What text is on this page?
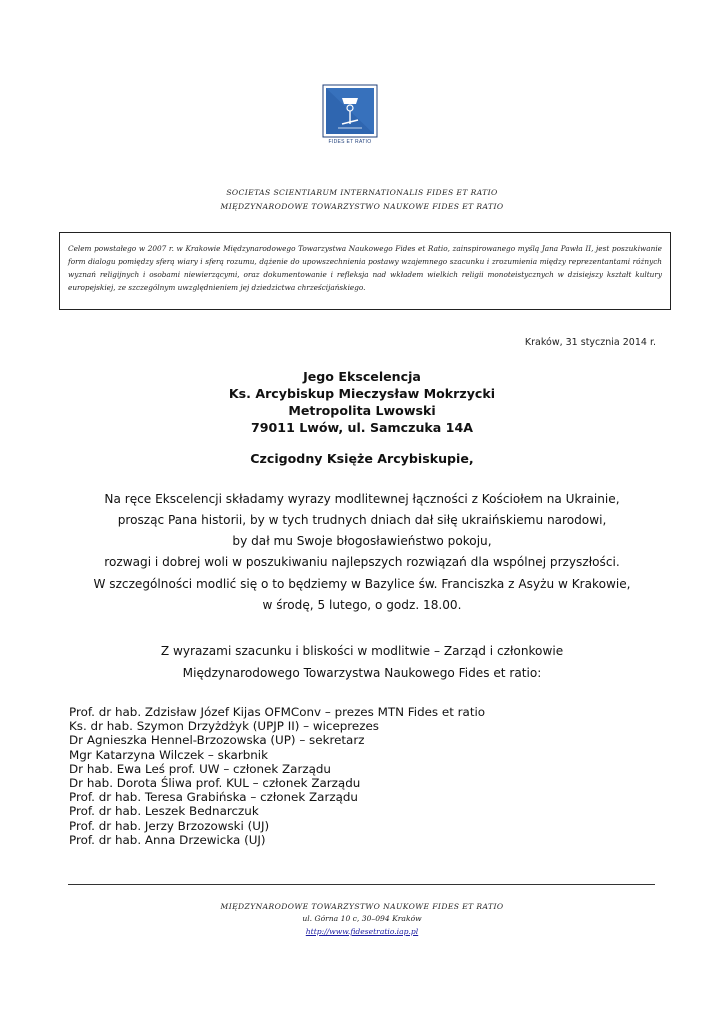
FIDES ET RATIO
SOCIETAS SCIENTIARUM INTERNATIONALIS FIDES ET RATIO
MIĘDZYNARODOWE TOWARZYSTWO NAUKOWE FIDES ET RATIO

Celem powstałego w 2007 r. w Krakowie Międzynarodowego Towarzystwa Naukowego Fides et Ratio, zainspirowanego myślą Jana Pawła II, jest poszukiwanie form dialogu pomiędzy sferą wiary i sferą rozumu, dążenie do upowszechnienia postawy wzajemnego szacunku i zrozumienia między reprezentantami różnych wyznań religijnych i osobami niewierzącymi, oraz dokumentowanie i refleksja nad wkładem wielkich religii monoteistycznych w dzisiejszy kształt kultury europejskiej, ze szczególnym uwzględnieniem jej dziedzictwa chrześcijańskiego.

Kraków, 31 stycznia 2014 r.
Jego Ekscelencja
Ks. Arcybiskup Mieczysław Mokrzycki
Metropolita Lwowski
79011 Lwów, ul. Samczuka 14A
Czcigodny Księże Arcybiskupie,
Na ręce Ekscelencji składamy wyrazy modlitewnej łączności z Kościołem na Ukrainie,
prosząc Pana historii, by w tych trudnych dniach dał siłę ukraińskiemu narodowi,
by dał mu Swoje błogosławieństwo pokoju,
rozwagi i dobrej woli w poszukiwaniu najlepszych rozwiązań dla wspólnej przyszłości.
W szczególności modlić się o to będziemy w Bazylice św. Franciszka z Asyżu w Krakowie,
w środę, 5 lutego, o godz. 18.00.
Z wyrazami szacunku i bliskości w modlitwie – Zarząd i członkowie
Międzynarodowego Towarzystwa Naukowego Fides et ratio:
Prof. dr hab. Zdzisław Józef Kijas OFMConv – prezes MTN Fides et ratio
Ks. dr hab. Szymon Drzyżdżyk (UPJP II) – wiceprezes
Dr Agnieszka Hennel-Brzozowska (UP) – sekretarz
Mgr Katarzyna Wilczek – skarbnik
Dr hab. Ewa Leś prof. UW – członek Zarządu
Dr hab. Dorota Śliwa prof. KUL – członek Zarządu
Prof. dr hab. Teresa Grabińska – członek Zarządu
Prof. dr hab. Leszek Bednarczuk
Prof. dr hab. Jerzy Brzozowski (UJ)
Prof. dr hab. Anna Drzewicka (UJ)
MIĘDZYNARODOWE TOWARZYSTWO NAUKOWE FIDES ET RATIO
ul. Górna 10 c, 30–094 Kraków
http://www.fidesetratio.iap.pl
